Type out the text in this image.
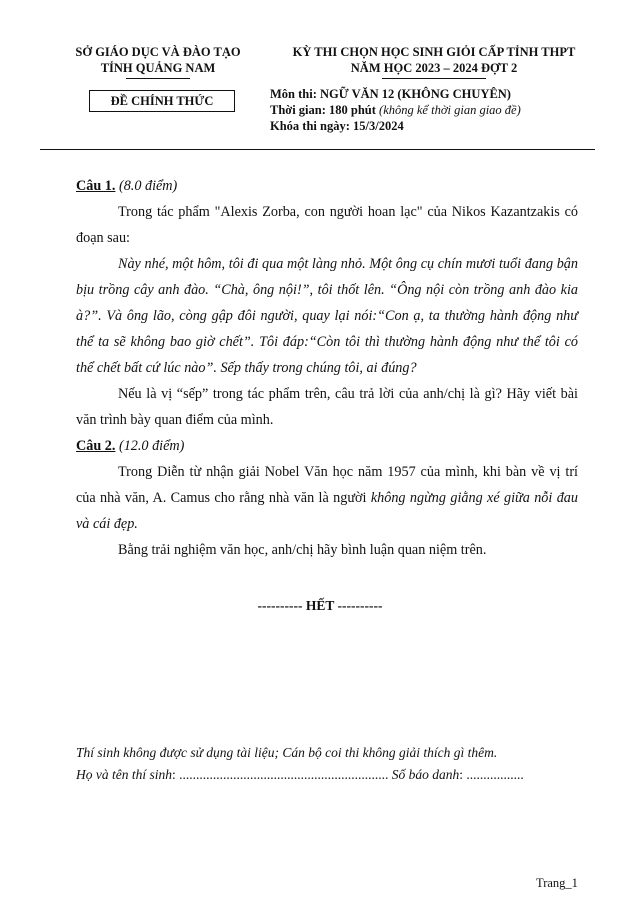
SỞ GIÁO DỤC VÀ ĐÀO TẠO
TỈNH QUẢNG NAM
ĐỀ CHÍNH THỨC
KỲ THI CHỌN HỌC SINH GIỎI CẤP TỈNH THPT
NĂM HỌC 2023 – 2024 ĐỢT 2
Môn thi: NGỮ VĂN 12 (KHÔNG CHUYÊN)
Thời gian: 180 phút (không kể thời gian giao đề)
Khóa thi ngày: 15/3/2024

Câu 1. (8.0 điểm)

Trong tác phẩm "Alexis Zorba, con người hoan lạc" của Nikos Kazantzakis có đoạn sau:

Này nhé, một hôm, tôi đi qua một làng nhỏ. Một ông cụ chín mươi tuổi đang bận bịu trồng cây anh đào. “Chà, ông nội!”, tôi thốt lên. “Ông nội còn trồng anh đào kia à?”. Và ông lão, còng gập đôi người, quay lại nói:“Con ạ, ta thường hành động như thể ta sẽ không bao giờ chết”. Tôi đáp:“Còn tôi thì thường hành động như thể tôi có thể chết bất cứ lúc nào”. Sếp thấy trong chúng tôi, ai đúng?

Nếu là vị “sếp” trong tác phẩm trên, câu trả lời của anh/chị là gì? Hãy viết bài văn trình bày quan điểm của mình.

Câu 2. (12.0 điểm)

Trong Diễn từ nhận giải Nobel Văn học năm 1957 của mình, khi bàn về vị trí của nhà văn, A. Camus cho rằng nhà văn là người không ngừng giằng xé giữa nỗi đau và cái đẹp.

Bằng trải nghiệm văn học, anh/chị hãy bình luận quan niệm trên.

---------- HẾT ----------
Thí sinh không được sử dụng tài liệu; Cán bộ coi thi không giải thích gì thêm.
Họ và tên thí sinh: .............................................................. Số báo danh: .................
Trang_1
